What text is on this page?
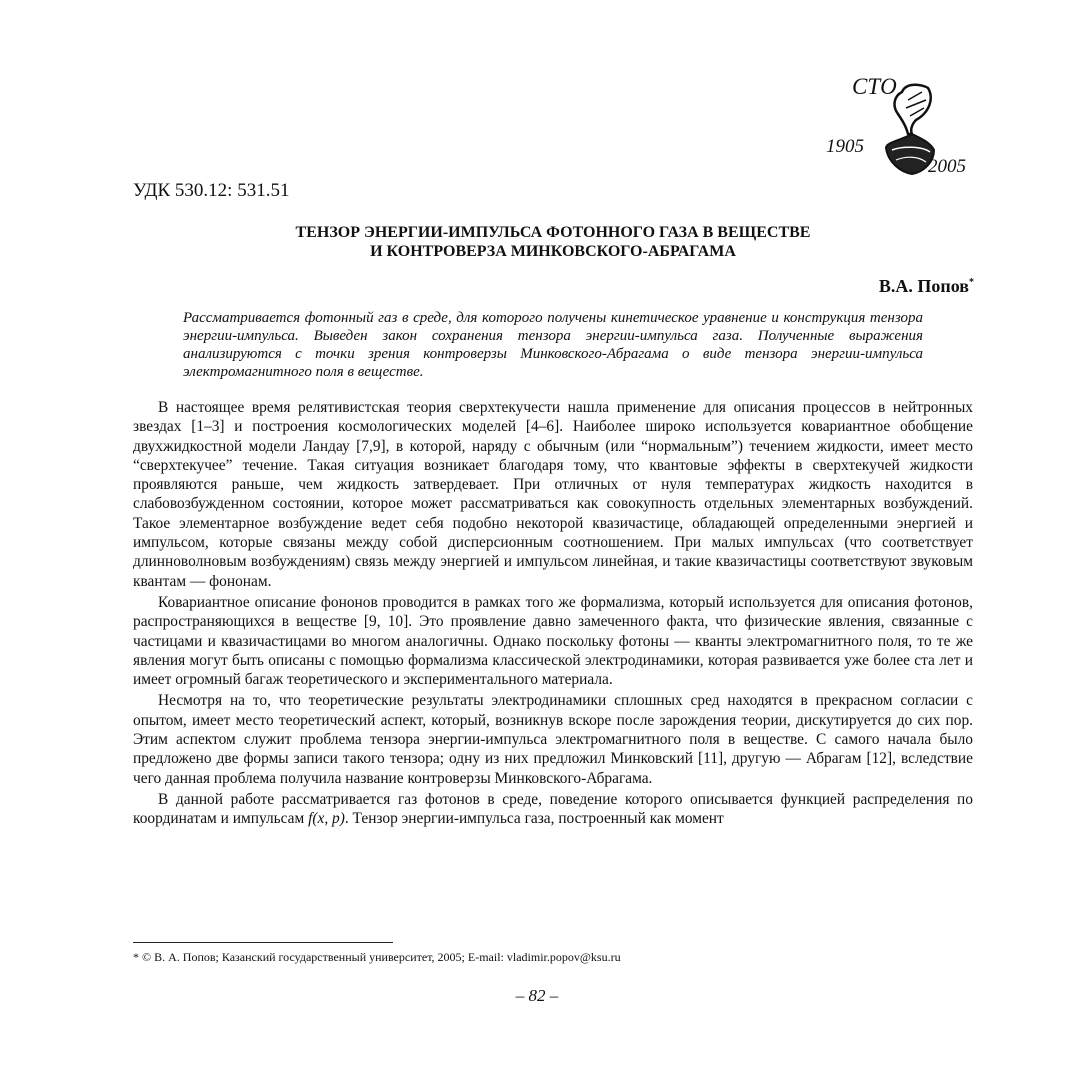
СТО
1905
2005
УДК 530.12: 531.51
ТЕНЗОР ЭНЕРГИИ-ИМПУЛЬСА ФОТОННОГО ГАЗА В ВЕЩЕСТВЕ
И КОНТРОВЕРЗА МИНКОВСКОГО-АБРАГАМА
В.А. Попов*
Рассматривается фотонный газ в среде, для которого получены кинетическое уравнение и конструкция тензора энергии-импульса. Выведен закон сохранения тензора энергии-импульса газа. Полученные выражения анализируются с точки зрения контроверзы Минковского-Абрагама о виде тензора энергии-импульса электромагнитного поля в веществе.

В настоящее время релятивистская теория сверхтекучести нашла применение для описания процессов в нейтронных звездах [1–3] и построения космологических моделей [4–6]. Наиболее широко используется ковариантное обобщение двухжидкостной модели Ландау [7,9], в которой, наряду с обычным (или “нормальным”) течением жидкости, имеет место “сверхтекучее” течение. Такая ситуация возникает благодаря тому, что квантовые эффекты в сверхтекучей жидкости проявляются раньше, чем жидкость затвердевает. При отличных от нуля температурах жидкость находится в слабовозбужденном состоянии, которое может рассматриваться как совокупность отдельных элементарных возбуждений. Такое элементарное возбуждение ведет себя подобно некоторой квазичастице, обладающей определенными энергией и импульсом, которые связаны между собой дисперсионным соотношением. При малых импульсах (что соответствует длинноволновым возбуждениям) связь между энергией и импульсом линейная, и такие квазичастицы соответствуют звуковым квантам — фононам.

Ковариантное описание фононов проводится в рамках того же формализма, который используется для описания фотонов, распространяющихся в веществе [9, 10]. Это проявление давно замеченного факта, что физические явления, связанные с частицами и квазичастицами во многом аналогичны. Однако поскольку фотоны — кванты электромагнитного поля, то те же явления могут быть описаны с помощью формализма классической электродинамики, которая развивается уже более ста лет и имеет огромный багаж теоретического и экспериментального материала.

Несмотря на то, что теоретические результаты электродинамики сплошных сред находятся в прекрасном согласии с опытом, имеет место теоретический аспект, который, возникнув вскоре после зарождения теории, дискутируется до сих пор. Этим аспектом служит проблема тензора энергии-импульса электромагнитного поля в веществе. С самого начала было предложено две формы записи такого тензора; одну из них предложил Минковский [11], другую — Абрагам [12], вследствие чего данная проблема получила название контроверзы Минковского-Абрагама.

В данной работе рассматривается газ фотонов в среде, поведение которого описывается функцией распределения по координатам и импульсам f(x, p). Тензор энергии-импульса газа, построенный как момент

* © В. А. Попов; Казанский государственный университет, 2005; E-mail: vladimir.popov@ksu.ru
– 82 –
